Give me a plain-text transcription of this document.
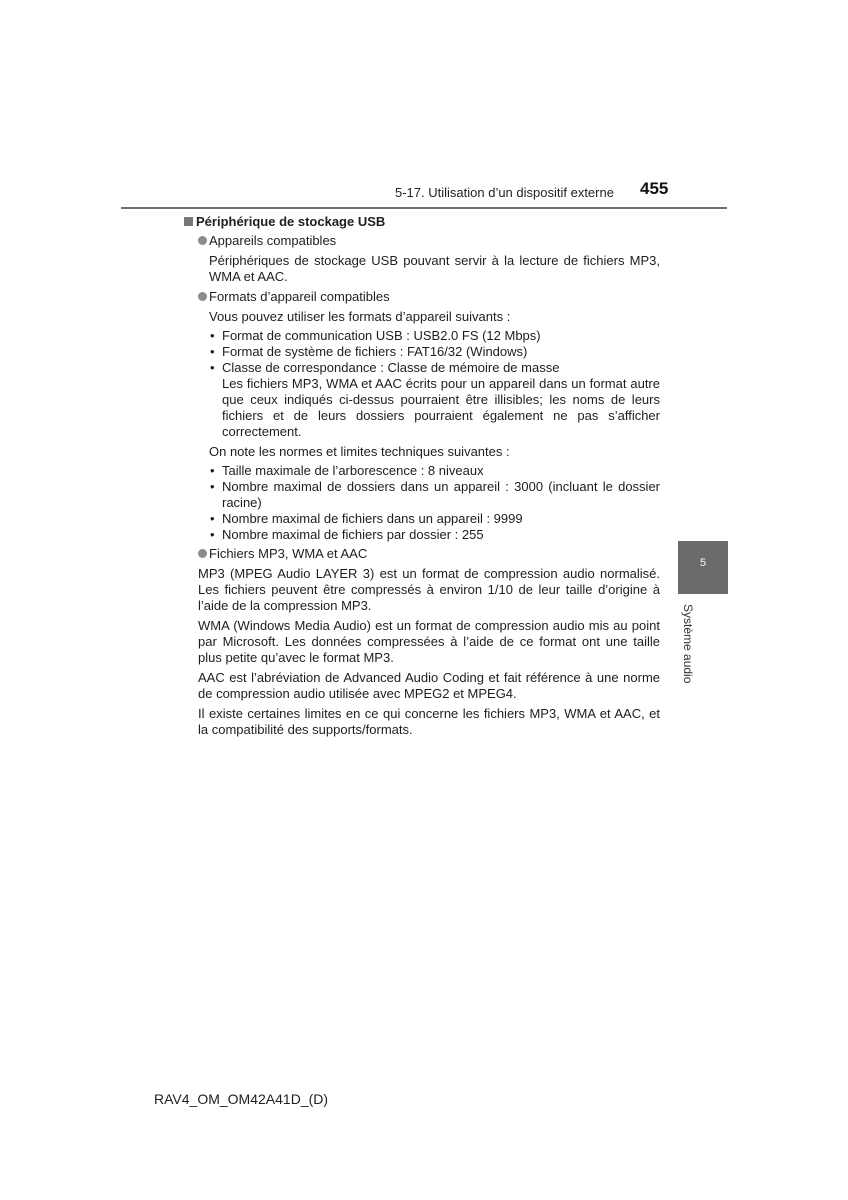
5-17. Utilisation d’un dispositif externe 455
Périphérique de stockage USB
Appareils compatibles

Périphériques de stockage USB pouvant servir à la lecture de fichiers MP3, WMA et AAC.

Formats d’appareil compatibles

Vous pouvez utiliser les formats d’appareil suivants :

• Format de communication USB : USB2.0 FS (12 Mbps)
• Format de système de fichiers : FAT16/32 (Windows)
• Classe de correspondance : Classe de mémoire de masse
Les fichiers MP3, WMA et AAC écrits pour un appareil dans un format autre que ceux indiqués ci-dessus pourraient être illisibles; les noms de leurs fichiers et de leurs dossiers pourraient également ne pas s’afficher correctement.

On note les normes et limites techniques suivantes :

• Taille maximale de l’arborescence : 8 niveaux
• Nombre maximal de dossiers dans un appareil : 3000 (incluant le dossier racine)
• Nombre maximal de fichiers dans un appareil : 9999
• Nombre maximal de fichiers par dossier : 255
Fichiers MP3, WMA et AAC

MP3 (MPEG Audio LAYER 3) est un format de compression audio normalisé. Les fichiers peuvent être compressés à environ 1/10 de leur taille d’origine à l’aide de la compression MP3.

WMA (Windows Media Audio) est un format de compression audio mis au point par Microsoft. Les données compressées à l’aide de ce format ont une taille plus petite qu’avec le format MP3.

AAC est l’abréviation de Advanced Audio Coding et fait référence à une norme de compression audio utilisée avec MPEG2 et MPEG4.

Il existe certaines limites en ce qui concerne les fichiers MP3, WMA et AAC, et la compatibilité des supports/formats.

5
Système audio
RAV4_OM_OM42A41D_(D)
